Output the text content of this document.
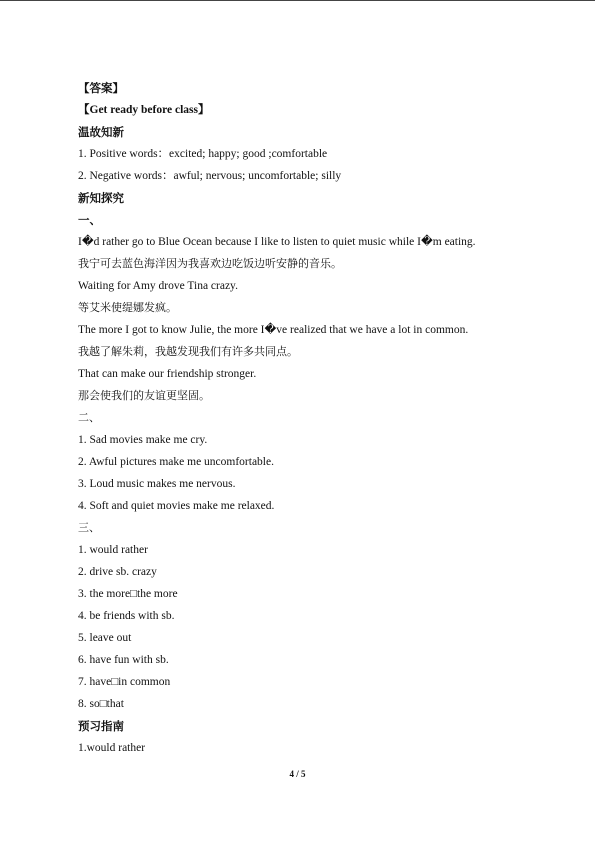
【答案】
【Get ready before class】
温故知新
1. Positive words：excited; happy; good ;comfortable
2. Negative words：awful; nervous; uncomfortable; silly
新知探究
一、
I�d rather go to Blue Ocean because I like to listen to quiet music while I�m eating.
我宁可去蓝色海洋因为我喜欢边吃饭边听安静的音乐。
Waiting for Amy drove Tina crazy.
等艾米使缇娜发疯。
The more I got to know Julie, the more I�ve realized that we have a lot in common.
我越了解朱莉，我越发现我们有许多共同点。
That can make our friendship stronger.
那会使我们的友谊更坚固。
二、
1. Sad movies make me cry.
2. Awful pictures make me uncomfortable.
3. Loud music makes me nervous.
4. Soft and quiet movies make me relaxed.
三、
1. would rather
2. drive sb. crazy
3. the more□the more
4. be friends with sb.
5. leave out
6. have fun with sb.
7. have□in common
8. so□that
预习指南
1.would rather
4 / 5
